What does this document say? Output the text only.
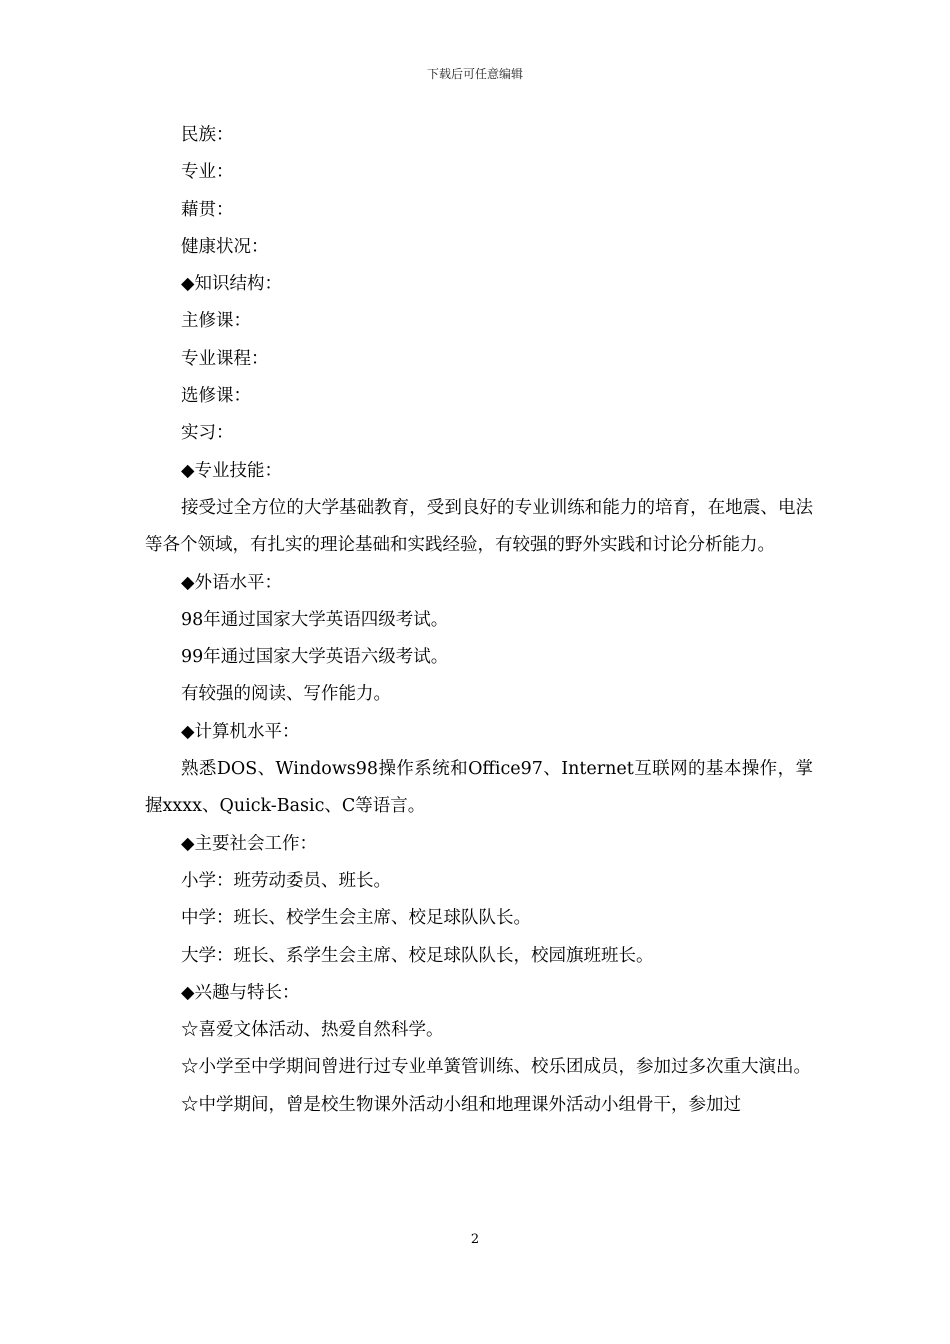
下载后可任意编辑

民族：

专业：

藉贯：

健康状况：

◆知识结构：

主修课：

专业课程：

选修课：

实习：

◆专业技能：

接受过全方位的大学基础教育，受到良好的专业训练和能力的培育，在地震、电法等各个领域，有扎实的理论基础和实践经验，有较强的野外实践和讨论分析能力。

◆外语水平：

98年通过国家大学英语四级考试。

99年通过国家大学英语六级考试。

有较强的阅读、写作能力。

◆计算机水平：

熟悉DOS、Windows98操作系统和Office97、Internet互联网的基本操作，掌握xxxx、Quick-Basic、C等语言。

◆主要社会工作：

小学：班劳动委员、班长。

中学：班长、校学生会主席、校足球队队长。

大学：班长、系学生会主席、校足球队队长，校园旗班班长。

◆兴趣与特长：

☆喜爱文体活动、热爱自然科学。

☆小学至中学期间曾进行过专业单簧管训练、校乐团成员，参加过多次重大演出。

☆中学期间，曾是校生物课外活动小组和地理课外活动小组骨干，参加过

2
